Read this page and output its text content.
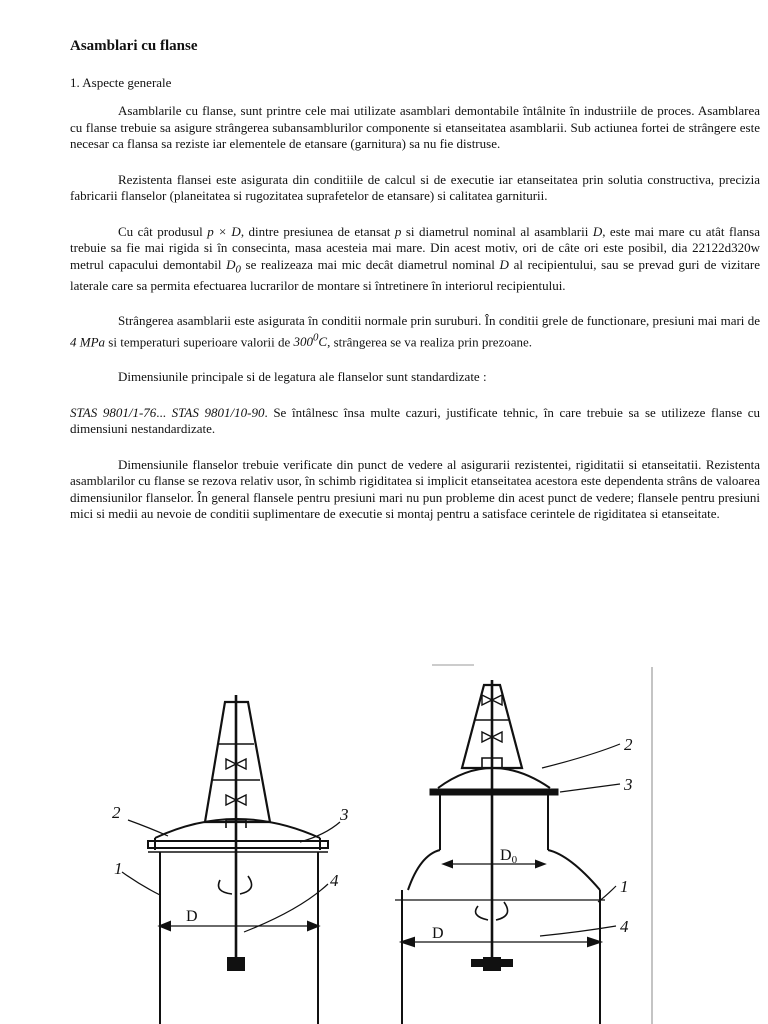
Asamblari cu flanse
1. Aspecte generale

Asamblarile cu flanse, sunt printre cele mai utilizate asamblari demontabile întâlnite în industriile de proces. Asamblarea cu flanse trebuie sa asigure strângerea subansamblurilor componente si etanseitatea asamblarii. Sub actiunea fortei de strângere este necesar ca flansa sa reziste iar elementele de etansare (garnitura) sa nu fie distruse.

Rezistenta flansei este asigurata din conditiile de calcul si de executie iar etanseitatea prin solutia constructiva, precizia fabricarii flanselor (planeitatea si rugozitatea suprafetelor de etansare) si calitatea garniturii.

Cu cât produsul p × D, dintre presiunea de etansat p si diametrul nominal al asamblarii D, este mai mare cu atât flansa trebuie sa fie mai rigida si în consecinta, masa acesteia mai mare. Din acest motiv, ori de câte ori este posibil, dia 22122d320w metrul capacului demontabil $D_0$ se realizeaza mai mic decât diametrul nominal D al recipientului, sau se prevad guri de vizitare laterale care sa permita efectuarea lucrarilor de montare si întretinere în interiorul recipientului.

Strângerea asamblarii este asigurata în conditii normale prin suruburi. În conditii grele de functionare, presiuni mai mari de 4 MPa si temperaturi superioare valorii de $300^0C$, strângerea se va realiza prin prezoane.

Dimensiunile principale si de legatura ale flanselor sunt standardizate :

STAS 9801/1-76... STAS 9801/10-90. Se întâlnesc însa multe cazuri, justificate tehnic, în care trebuie sa se utilizeze flanse cu dimensiuni nestandardizate.

Dimensiunile flanselor trebuie verificate din punct de vedere al asigurarii rezistentei, rigiditatii si etanseitatii. Rezistenta asamblarilor cu flanse se rezova relativ usor, în schimb rigiditatea si implicit etanseitatea acestora este dependenta strâns de valoarea dimensiunilor flanselor. În general flansele pentru presiuni mari nu pun probleme din acest punct de vedere; flansele pentru presiuni mici si medii au nevoie de conditii suplimentare de executie si montaj pentru a satisface cerintele de rigiditatea si etanseitate.

2	3
1
4
D
2
3
1
4
D0
D
